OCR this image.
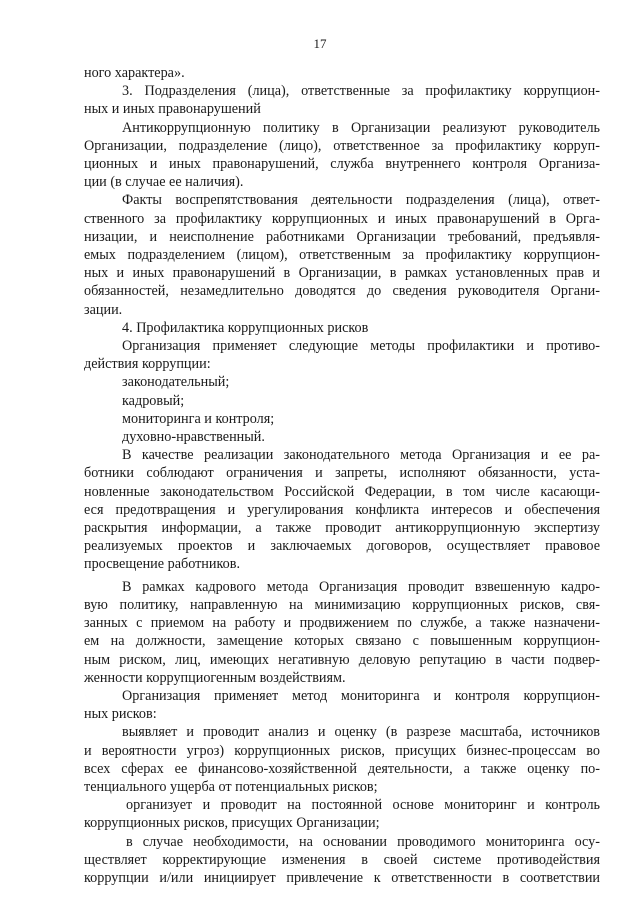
17
ного характера».
3. Подразделения (лица), ответственные за профилактику коррупцион-
ных и иных правонарушений
Антикоррупционную политику в Организации реализуют руководитель
Организации, подразделение (лицо), ответственное за профилактику корруп-
ционных и иных правонарушений, служба внутреннего контроля Организа-
ции (в случае ее наличия).
Факты воспрепятствования деятельности подразделения (лица), ответ-
ственного за профилактику коррупционных и иных правонарушений в Орга-
низации, и неисполнение работниками Организации требований, предъявля-
емых подразделением (лицом), ответственным за профилактику коррупцион-
ных и иных правонарушений в Организации, в рамках установленных прав и
обязанностей, незамедлительно доводятся до сведения руководителя Органи-
зации.
4. Профилактика коррупционных рисков
Организация применяет следующие методы профилактики и противо-
действия коррупции:
законодательный;
кадровый;
мониторинга и контроля;
духовно-нравственный.
В качестве реализации законодательного метода Организация и ее ра-
ботники соблюдают ограничения и запреты, исполняют обязанности, уста-
новленные законодательством Российской Федерации, в том числе касающи-
еся предотвращения и урегулирования конфликта интересов и обеспечения
раскрытия информации, а также проводит антикоррупционную экспертизу
реализуемых проектов и заключаемых договоров, осуществляет правовое
просвещение работников.
В рамках кадрового метода Организация проводит взвешенную кадро-
вую политику, направленную на минимизацию коррупционных рисков, свя-
занных с приемом на работу и продвижением по службе, а также назначени-
ем на должности, замещение которых связано с повышенным коррупцион-
ным риском, лиц, имеющих негативную деловую репутацию в части подвер-
женности коррупциогенным воздействиям.
Организация применяет метод мониторинга и контроля коррупцион-
ных рисков:
выявляет и проводит анализ и оценку (в разрезе масштаба, источников
и вероятности угроз) коррупционных рисков, присущих бизнес-процессам во
всех сферах ее финансово-хозяйственной деятельности, а также оценку по-
тенциального ущерба от потенциальных рисков;
организует и проводит на постоянной основе мониторинг и контроль
коррупционных рисков, присущих Организации;
в случае необходимости, на основании проводимого мониторинга осу-
ществляет корректирующие изменения в своей системе противодействия
коррупции и/или инициирует привлечение к ответственности в соответствии
